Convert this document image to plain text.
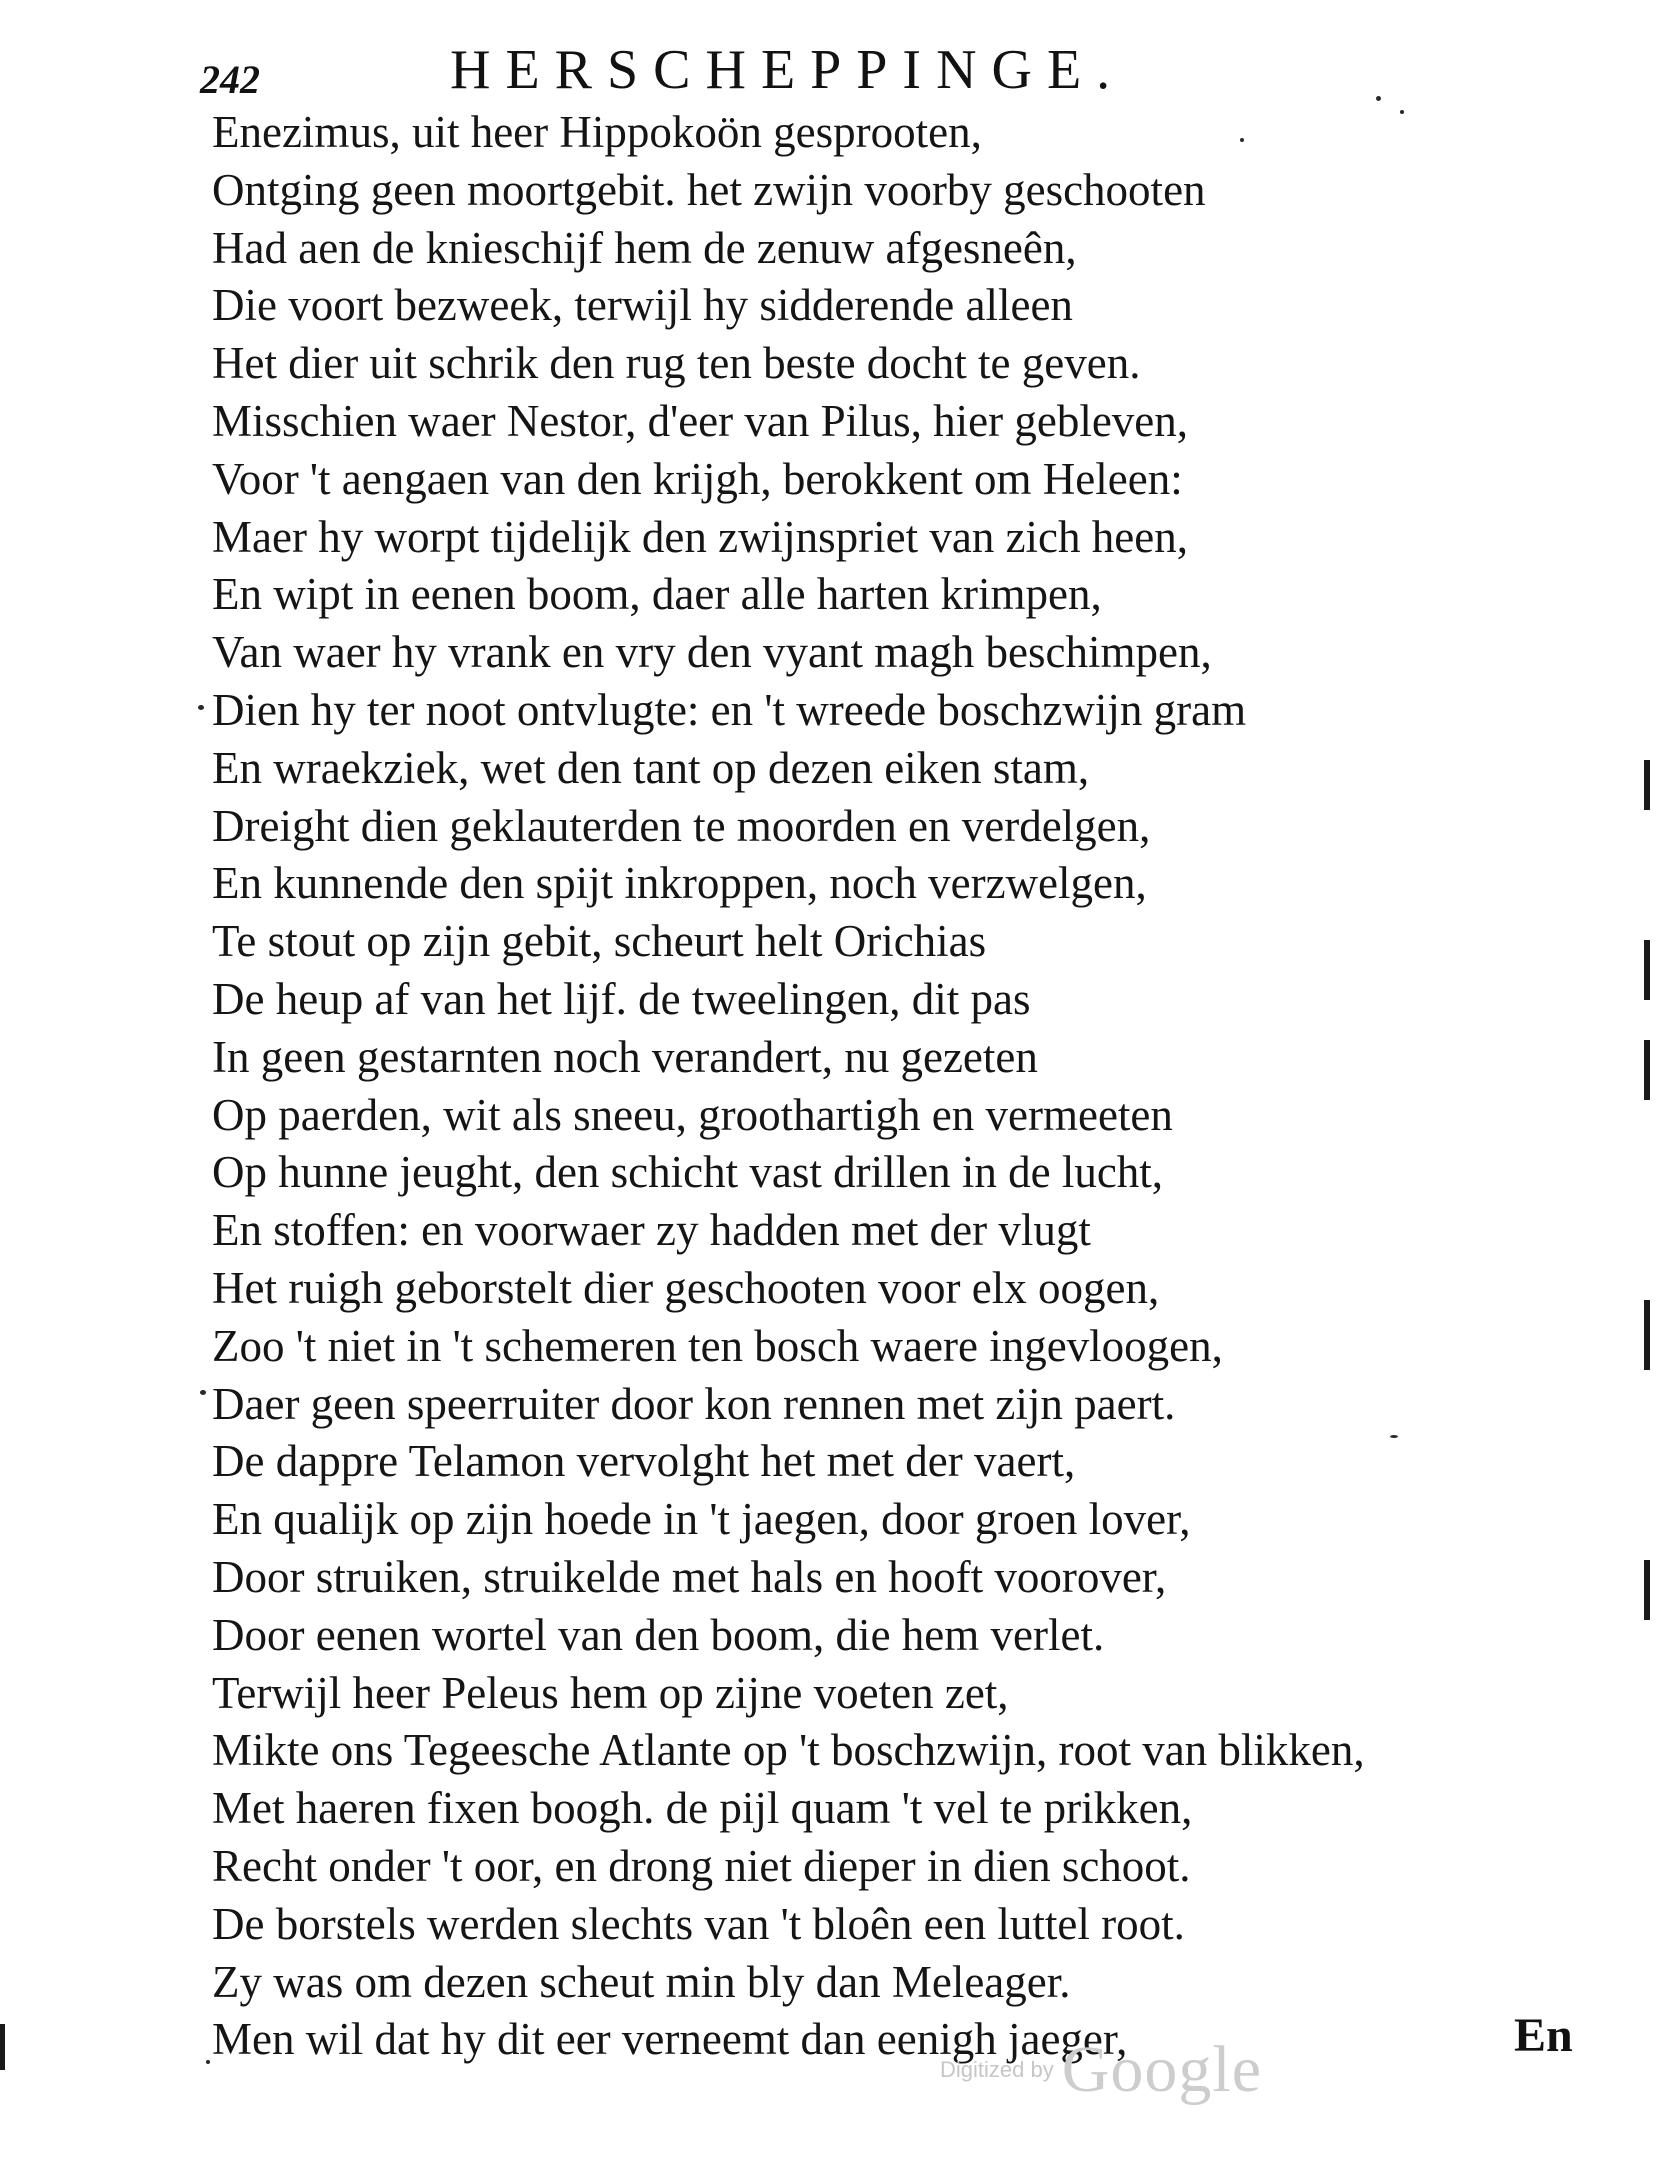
242	HERSCHEPPINGE.
Enezimus, uit heer Hippokoön gesprooten,
Ontging geen moortgebit. het zwijn voorby geschooten
Had aen de knieschijf hem de zenuw afgesneên,
Die voort bezweek, terwijl hy sidderende alleen
Het dier uit schrik den rug ten beste docht te geven.
Misschien waer Nestor, d'eer van Pilus, hier gebleven,
Voor 't aengaen van den krijgh, berokkent om Heleen:
Maer hy worpt tijdelijk den zwijnspriet van zich heen,
En wipt in eenen boom, daer alle harten krimpen,
Van waer hy vrank en vry den vyant magh beschimpen,
Dien hy ter noot ontvlugte: en 't wreede boschzwijn gram
En wraekziek, wet den tant op dezen eiken stam,
Dreight dien geklauterden te moorden en verdelgen,
En kunnende den spijt inkroppen, noch verzwelgen,
Te stout op zijn gebit, scheurt helt Orichias
De heup af van het lijf. de tweelingen, dit pas
In geen gestarnten noch verandert, nu gezeten
Op paerden, wit als sneeu, groothartigh en vermeeten
Op hunne jeught, den schicht vast drillen in de lucht,
En stoffen: en voorwaer zy hadden met der vlugt
Het ruigh geborstelt dier geschooten voor elx oogen,
Zoo 't niet in 't schemeren ten bosch waere ingevloogen,
Daer geen speerruiter door kon rennen met zijn paert.
De dappre Telamon vervolght het met der vaert,
En qualijk op zijn hoede in 't jaegen, door groen lover,
Door struiken, struikelde met hals en hooft voorover,
Door eenen wortel van den boom, die hem verlet.
Terwijl heer Peleus hem op zijne voeten zet,
Mikte ons Tegeesche Atlante op 't boschzwijn, root van blikken,
Met haeren fixen boogh. de pijl quam 't vel te prikken,
Recht onder 't oor, en drong niet dieper in dien schoot.
De borstels werden slechts van 't bloên een luttel root.
Zy was om dezen scheut min bly dan Meleager.
Men wil dat hy dit eer verneemt dan eenigh jaeger,	En
Digitized by Google
